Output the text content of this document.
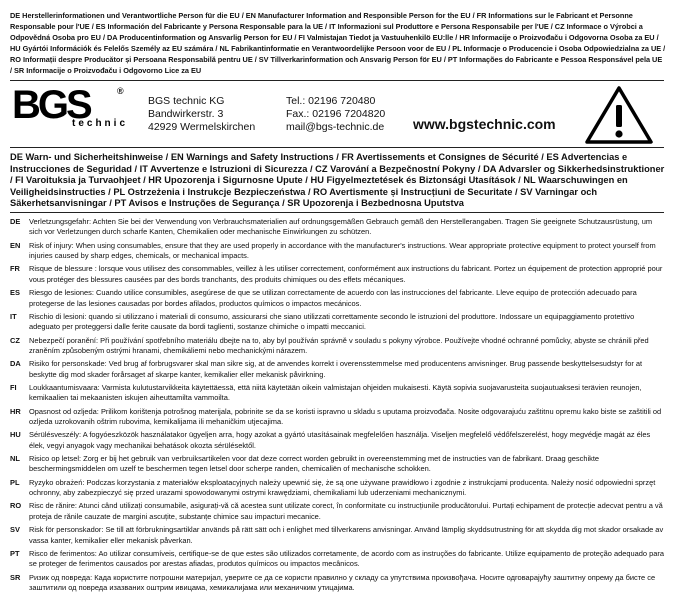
DE Herstellerinformationen und Verantwortliche Person für die EU / EN Manufacturer Information and Responsible Person for the EU / FR Informations sur le Fabricant et Personne Responsable pour l'UE / ES Información del Fabricante y Persona Responsable para la UE / IT Informazioni sul Produttore e Persona Responsabile per l'UE / CZ Informace o Výrobci a Odpovědná Osoba pro EU / DA Producentinformation og Ansvarlig Person for EU / FI Valmistajan Tiedot ja Vastuuhenkilö EU:lle / HR Informacije o Proizvođaču i Odgovorna Osoba za EU / HU Gyártói Információk és Felelős Személy az EU számára / NL Fabrikantinformatie en Verantwoordelijke Persoon voor de EU / PL Informacje o Producencie i Osoba Odpowiedzialna za UE / RO Informații despre Producător și Persoana Responsabilă pentru UE / SV Tillverkarinformation och Ansvarig Person för EU / PT Informações do Fabricante e Pessoa Responsável pela UE / SR Informacije o Proizvođaču i Odgovorno Lice za EU
BGS	®
technic
BGS technic KG
Bandwirkerstr. 3
42929 Wermelskirchen
Tel.: 02196 720480
Fax.: 02196 7204820
mail@bgs-technic.de www.bgstechnic.com
DE Warn- und Sicherheitshinweise / EN Warnings and Safety Instructions / FR Avertissements et Consignes de Sécurité / ES Advertencias e Instrucciones de Seguridad / IT Avvertenze e Istruzioni di Sicurezza / CZ Varování a Bezpečnostní Pokyny / DA Advarsler og Sikkerhedsinstruktioner / FI Varoituksia ja Turvaohjeet / HR Upozorenja i Sigurnosne Upute / HU Figyelmeztetések és Biztonsági Utasítások / NL Waarschuwingen en Veiligheidsinstructies / PL Ostrzeżenia i Instrukcje Bezpieczeństwa / RO Avertismente și Instrucțiuni de Securitate / SV Varningar och Säkerhetsanvisningar / PT Avisos e Instruções de Segurança / SR Upozorenja i Bezbednosna Uputstva
DE	Verletzungsgefahr: Achten Sie bei der Verwendung von Verbrauchsmaterialien auf ordnungsgemäßen Gebrauch gemäß den Herstellerangaben. Tragen Sie geeignete Schutzausrüstung, um sich vor Verletzungen durch scharfe Kanten, Chemikalien oder mechanische Einwirkungen zu schützen.
EN	Risk of injury: When using consumables, ensure that they are used properly in accordance with the manufacturer's instructions. Wear appropriate protective equipment to protect yourself from injuries caused by sharp edges, chemicals, or mechanical impacts.
FR	Risque de blessure : lorsque vous utilisez des consommables, veillez à les utiliser correctement, conformément aux instructions du fabricant. Portez un équipement de protection approprié pour vous protéger des blessures causées par des bords tranchants, des produits chimiques ou des effets mécaniques.
ES	Riesgo de lesiones: Cuando utilice consumibles, asegúrese de que se utilizan correctamente de acuerdo con las instrucciones del fabricante. Lleve equipo de protección adecuado para protegerse de las lesiones causadas por bordes afilados, productos químicos o impactos mecánicos.
IT	Rischio di lesioni: quando si utilizzano i materiali di consumo, assicurarsi che siano utilizzati correttamente secondo le istruzioni del produttore. Indossare un equipaggiamento protettivo adeguato per proteggersi dalle ferite causate da bordi taglienti, sostanze chimiche o impatti meccanici.
CZ	Nebezpečí poranění: Při používání spotřebního materiálu dbejte na to, aby byl používán správně v souladu s pokyny výrobce. Používejte vhodné ochranné pomůcky, abyste se chránili před zraněním způsobeným ostrými hranami, chemikáliemi nebo mechanickými nárazem.
DA	Risiko for personskade: Ved brug af forbrugsvarer skal man sikre sig, at de anvendes korrekt i overensstemmelse med producentens anvisninger. Brug passende beskyttelsesudstyr for at beskytte dig mod skader forårsaget af skarpe kanter, kemikalier eller mekanisk påvirkning.
FI	Loukkaantumisvaara: Varmista kulutustarvikkeita käytettäessä, että niitä käytetään oikein valmistajan ohjeiden mukaisesti. Käytä sopivia suojavarusteita suojautuaksesi terävien reunojen, kemikaalien tai mekaanisten iskujen aiheuttamilta vammoilta.
HR	Opasnost od ozljeda: Prilikom korištenja potrošnog materijala, pobrinite se da se koristi ispravno u skladu s uputama proizvođača. Nosite odgovarajuću zaštitnu opremu kako biste se zaštitili od ozljeda uzrokovanih oštrim rubovima, kemikalijama ili mehaničkim utjecajima.
HU	Sérülésveszély: A fogyóeszközök használatakor ügyeljen arra, hogy azokat a gyártó utasításainak megfelelően használja. Viseljen megfelelő védőfelszerelést, hogy megvédje magát az éles élek, vegyi anyagok vagy mechanikai behatások okozta sérülésektől.
NL	Risico op letsel: Zorg er bij het gebruik van verbruiksartikelen voor dat deze correct worden gebruikt in overeenstemming met de instructies van de fabrikant. Draag geschikte beschermingsmiddelen om uzelf te beschermen tegen letsel door scherpe randen, chemicaliën of mechanische schokken.
PL	Ryzyko obrażeń: Podczas korzystania z materiałów eksploatacyjnych należy upewnić się, że są one używane prawidłowo i zgodnie z instrukcjami producenta. Należy nosić odpowiedni sprzęt ochronny, aby zabezpieczyć się przed urazami spowodowanymi ostrymi krawędziami, chemikaliami lub uderzeniami mechanicznymi.
RO	Risc de rănire: Atunci când utilizați consumabile, asigurați-vă că acestea sunt utilizate corect, în conformitate cu instrucțiunile producătorului. Purtați echipament de protecție adecvat pentru a vă proteja de rănile cauzate de margini ascuțite, substanțe chimice sau impacturi mecanice.
SV	Risk för personskador: Se till att förbrukningsartiklar används på rätt sätt och i enlighet med tillverkarens anvisningar. Använd lämplig skyddsutrustning för att skydda dig mot skador orsakade av vassa kanter, kemikalier eller mekanisk påverkan.
PT	Risco de ferimentos: Ao utilizar consumíveis, certifique-se de que estes são utilizados corretamente, de acordo com as instruções do fabricante. Utilize equipamento de proteção adequado para se proteger de ferimentos causados por arestas afiadas, produtos químicos ou impactos mecânicos.
SR	Ризик од повреда: Када користите потрошни материјал, уверите се да се користи правилно у складу са упутствима произвођача. Носите одговарајућу заштитну опрему да бисте се заштитили од повреда изазваних оштрим ивицама, хемикалијама или механичким утицајима.
